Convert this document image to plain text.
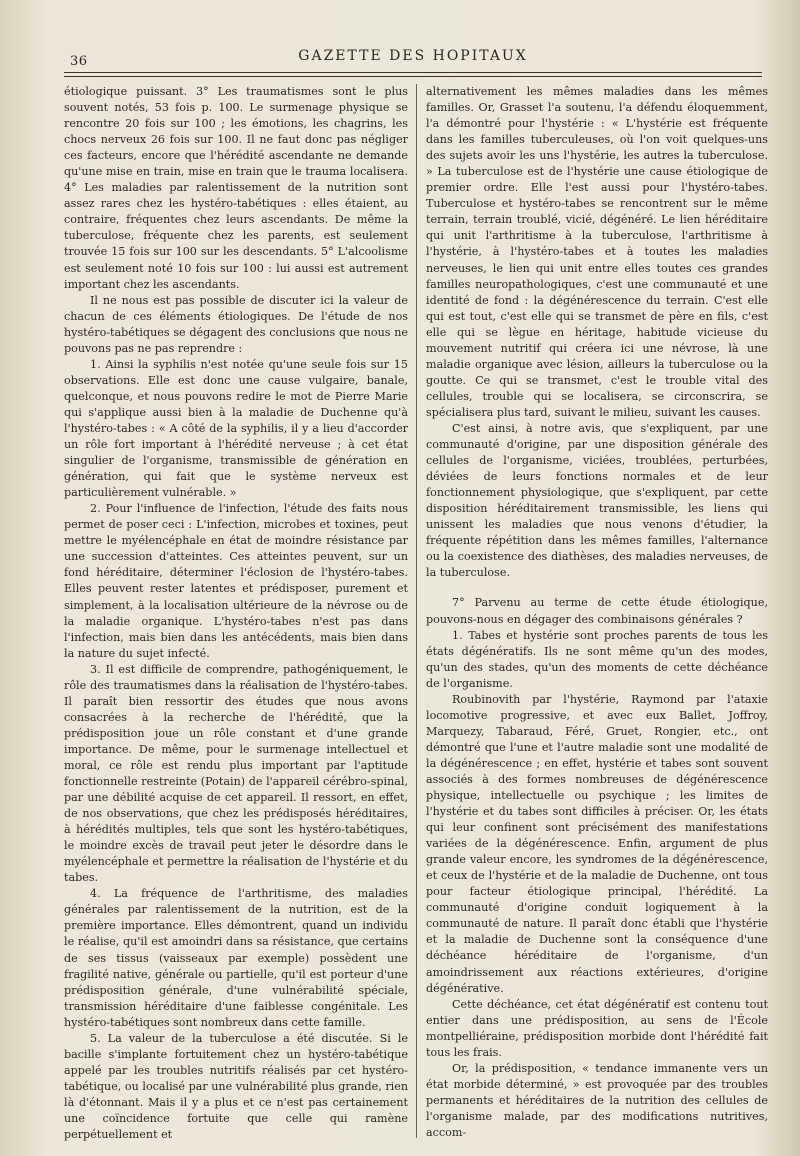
36	GAZETTE DES HOPITAUX

étiologique puissant. 3° Les traumatismes sont le plus souvent notés, 53 fois p. 100. Le surmenage physique se rencontre 20 fois sur 100 ; les émotions, les chagrins, les chocs nerveux 26 fois sur 100. Il ne faut donc pas négliger ces facteurs, encore que l'hérédité ascendante ne demande qu'une mise en train, mise en train que le trauma localisera. 4° Les maladies par ralentissement de la nutrition sont assez rares chez les hystéro-tabétiques : elles étaient, au contraire, fréquentes chez leurs ascendants. De même la tuberculose, fréquente chez les parents, est seulement trouvée 15 fois sur 100 sur les descendants. 5° L'alcoolisme est seulement noté 10 fois sur 100 : lui aussi est autrement important chez les ascendants.

Il ne nous est pas possible de discuter ici la valeur de chacun de ces éléments étiologiques. De l'étude de nos hystéro-tabétiques se dégagent des conclusions que nous ne pouvons pas ne pas reprendre :

1. Ainsi la syphilis n'est notée qu'une seule fois sur 15 observations. Elle est donc une cause vulgaire, banale, quelconque, et nous pouvons redire le mot de Pierre Marie qui s'applique aussi bien à la maladie de Duchenne qu'à l'hystéro-tabes : « A côté de la syphilis, il y a lieu d'accorder un rôle fort important à l'hérédité nerveuse ; à cet état singulier de l'organisme, transmissible de génération en génération, qui fait que le système nerveux est particulièrement vulnérable. »

2. Pour l'influence de l'infection, l'étude des faits nous permet de poser ceci : L'infection, microbes et toxines, peut mettre le myélencéphale en état de moindre résistance par une succession d'atteintes. Ces atteintes peuvent, sur un fond héréditaire, déterminer l'éclosion de l'hystéro-tabes. Elles peuvent rester latentes et prédisposer, purement et simplement, à la localisation ultérieure de la névrose ou de la maladie organique. L'hystéro-tabes n'est pas dans l'infection, mais bien dans les antécédents, mais bien dans la nature du sujet infecté.

3. Il est difficile de comprendre, pathogéniquement, le rôle des traumatismes dans la réalisation de l'hystéro-tabes. Il paraît bien ressortir des études que nous avons consacrées à la recherche de l'hérédité, que la prédisposition joue un rôle constant et d'une grande importance. De même, pour le surmenage intellectuel et moral, ce rôle est rendu plus important par l'aptitude fonctionnelle restreinte (Potain) de l'appareil cérébro-spinal, par une débilité acquise de cet appareil. Il ressort, en effet, de nos observations, que chez les prédisposés héréditaires, à hérédités multiples, tels que sont les hystéro-tabétiques, le moindre excès de travail peut jeter le désordre dans le myélencéphale et permettre la réalisation de l'hystérie et du tabes.

4. La fréquence de l'arthritisme, des maladies générales par ralentissement de la nutrition, est de la première importance. Elles démontrent, quand un individu le réalise, qu'il est amoindri dans sa résistance, que certains de ses tissus (vaisseaux par exemple) possèdent une fragilité native, générale ou partielle, qu'il est porteur d'une prédisposition générale, d'une vulnérabilité spéciale, transmission héréditaire d'une faiblesse congénitale. Les hystéro-tabétiques sont nombreux dans cette famille.

5. La valeur de la tuberculose a été discutée. Si le bacille s'implante fortuitement chez un hystéro-tabétique appelé par les troubles nutritifs réalisés par cet hystéro-tabétique, ou localisé par une vulnérabilité plus grande, rien là d'étonnant. Mais il y a plus et ce n'est pas certainement une coïncidence fortuite que celle qui ramène perpétuellement et

alternativement les mêmes maladies dans les mêmes familles. Or, Grasset l'a soutenu, l'a défendu éloquemment, l'a démontré pour l'hystérie : « L'hystérie est fréquente dans les familles tuberculeuses, où l'on voit quelques-uns des sujets avoir les uns l'hystérie, les autres la tuberculose. » La tuberculose est de l'hystérie une cause étiologique de premier ordre. Elle l'est aussi pour l'hystéro-tabes. Tuberculose et hystéro-tabes se rencontrent sur le même terrain, terrain troublé, vicié, dégénéré. Le lien héréditaire qui unit l'arthritisme à la tuberculose, l'arthritisme à l'hystérie, à l'hystéro-tabes et à toutes les maladies nerveuses, le lien qui unit entre elles toutes ces grandes familles neuropathologiques, c'est une communauté et une identité de fond : la dégénérescence du terrain. C'est elle qui est tout, c'est elle qui se transmet de père en fils, c'est elle qui se lègue en héritage, habitude vicieuse du mouvement nutritif qui créera ici une névrose, là une maladie organique avec lésion, ailleurs la tuberculose ou la goutte. Ce qui se transmet, c'est le trouble vital des cellules, trouble qui se localisera, se circonscrira, se spécialisera plus tard, suivant le milieu, suivant les causes.

C'est ainsi, à notre avis, que s'expliquent, par une communauté d'origine, par une disposition générale des cellules de l'organisme, viciées, troublées, perturbées, déviées de leurs fonctions normales et de leur fonctionnement physiologique, que s'expliquent, par cette disposition héréditairement transmissible, les liens qui unissent les maladies que nous venons d'étudier, la fréquente répétition dans les mêmes familles, l'alternance ou la coexistence des diathèses, des maladies nerveuses, de la tuberculose.

7° Parvenu au terme de cette étude étiologique, pouvons-nous en dégager des combinaisons générales ?

1. Tabes et hystérie sont proches parents de tous les états dégénératifs. Ils ne sont même qu'un des modes, qu'un des stades, qu'un des moments de cette déchéance de l'organisme.

Roubinovith par l'hystérie, Raymond par l'ataxie locomotive progressive, et avec eux Ballet, Joffroy, Marquezy, Tabaraud, Féré, Gruet, Rongier, etc., ont démontré que l'une et l'autre maladie sont une modalité de la dégénérescence ; en effet, hystérie et tabes sont souvent associés à des formes nombreuses de dégénérescence physique, intellectuelle ou psychique ; les limites de l'hystérie et du tabes sont difficiles à préciser. Or, les états qui leur confinent sont précisément des manifestations variées de la dégénérescence. Enfin, argument de plus grande valeur encore, les syndromes de la dégénérescence, et ceux de l'hystérie et de la maladie de Duchenne, ont tous pour facteur étiologique principal, l'hérédité. La communauté d'origine conduit logiquement à la communauté de nature. Il paraît donc établi que l'hystérie et la maladie de Duchenne sont la conséquence d'une déchéance héréditaire de l'organisme, d'un amoindrissement aux réactions extérieures, d'origine dégénérative.

Cette déchéance, cet état dégénératif est contenu tout entier dans une prédisposition, au sens de l'École montpelliéraine, prédisposition morbide dont l'hérédité fait tous les frais.

Or, la prédisposition, « tendance immanente vers un état morbide déterminé, » est provoquée par des troubles permanents et héréditaires de la nutrition des cellules de l'organisme malade, par des modifications nutritives, accom-
